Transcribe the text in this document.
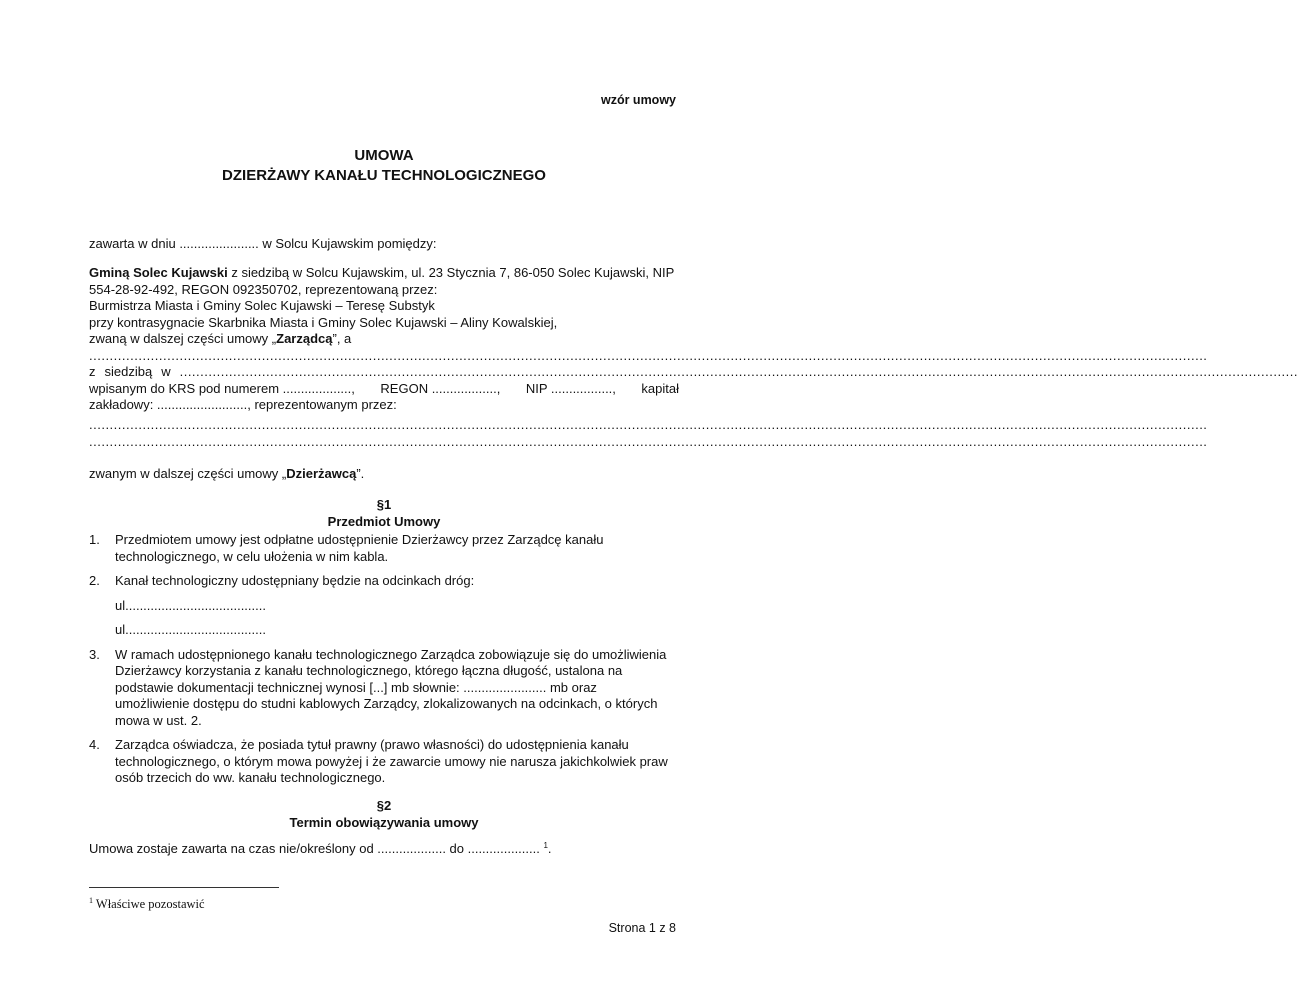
wzór umowy
UMOWA
DZIERŻAWY KANAŁU TECHNOLOGICZNEGO
zawarta w dniu ...................... w Solcu Kujawskim pomiędzy:
Gminą Solec Kujawski z siedzibą w Solcu Kujawskim, ul. 23 Stycznia 7, 86-050 Solec Kujawski, NIP
554-28-92-492, REGON 092350702, reprezentowaną przez:
Burmistrza Miasta i Gminy Solec Kujawski – Teresę Substyk
przy kontrasygnacie Skarbnika Miasta i Gminy Solec Kujawski – Aliny Kowalskiej,
zwaną w dalszej części umowy „Zarządcą”, a
................................................................................................................................................................................................................................................................................
z siedzibą w ................................................................................................................................................................................................................................................................................
wpisanym do KRS pod numerem ..................., REGON .................., NIP ................., kapitał
zakładowy: ........................., reprezentowanym przez:
................................................................................................................................................................................................................................................................................
................................................................................................................................................................................................................................................................................
zwanym w dalszej części umowy „Dzierżawcą”.
§1
Przedmiot Umowy
1. Przedmiotem umowy jest odpłatne udostępnienie Dzierżawcy przez Zarządcę kanału
technologicznego, w celu ułożenia w nim kabla.
2. Kanał technologiczny udostępniany będzie na odcinkach dróg:
ul.......................................
ul.......................................
3. W ramach udostępnionego kanału technologicznego Zarządca zobowiązuje się do umożliwienia
Dzierżawcy korzystania z kanału technologicznego, którego łączna długość, ustalona na
podstawie dokumentacji technicznej wynosi [...] mb słownie: ....................... mb oraz
umożliwienie dostępu do studni kablowych Zarządcy, zlokalizowanych na odcinkach, o których
mowa w ust. 2.
4. Zarządca oświadcza, że posiada tytuł prawny (prawo własności) do udostępnienia kanału
technologicznego, o którym mowa powyżej i że zawarcie umowy nie narusza jakichkolwiek praw
osób trzecich do ww. kanału technologicznego.
§2
Termin obowiązywania umowy
Umowa zostaje zawarta na czas nie/określony od ................... do .................... $^1$.
$^1$ Właściwe pozostawić
Strona 1 z 8
